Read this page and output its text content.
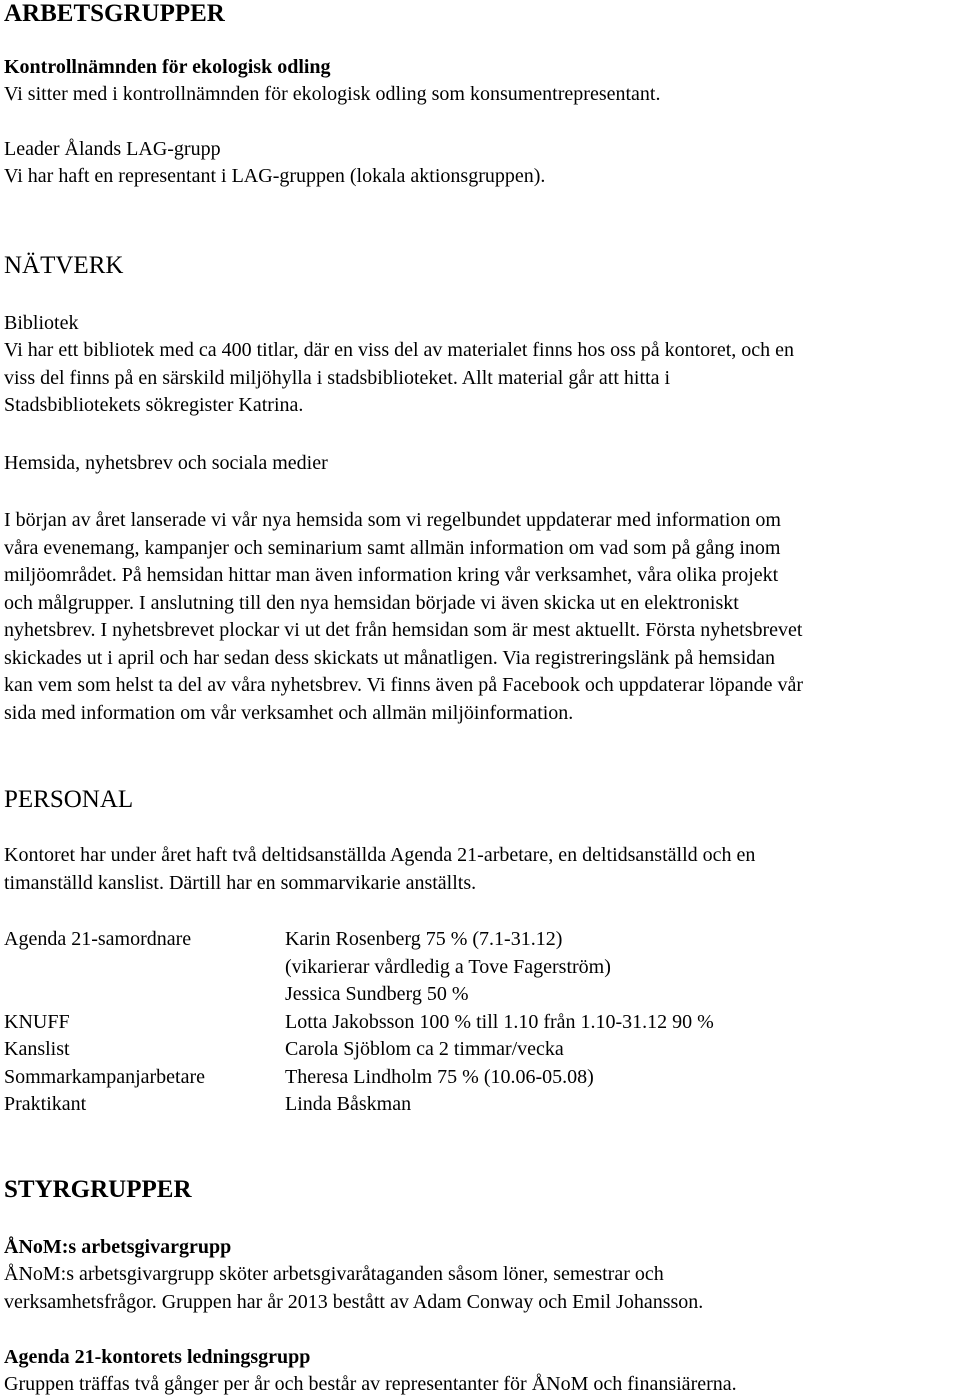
ARBETSGRUPPER
Kontrollnämnden för ekologisk odling

Vi sitter med i kontrollnämnden för ekologisk odling som konsumentrepresentant.

Leader Ålands LAG-grupp

Vi har haft en representant i LAG-gruppen (lokala aktionsgruppen).

NÄTVERK
Bibliotek

Vi har ett bibliotek med ca 400 titlar, där en viss del av materialet finns hos oss på kontoret, och en

viss del finns på en särskild miljöhylla i stadsbiblioteket. Allt material går att hitta i

Stadsbibliotekets sökregister Katrina.

Hemsida, nyhetsbrev och sociala medier

I början av året lanserade vi vår nya hemsida som vi regelbundet uppdaterar med information om

våra evenemang, kampanjer och seminarium samt allmän information om vad som på gång inom

miljöområdet. På hemsidan hittar man även information kring vår verksamhet, våra olika projekt

och målgrupper. I anslutning till den nya hemsidan började vi även skicka ut en elektroniskt

nyhetsbrev. I nyhetsbrevet plockar vi ut det från hemsidan som är mest aktuellt. Första nyhetsbrevet

skickades ut i april och har sedan dess skickats ut månatligen. Via registreringslänk på hemsidan

kan vem som helst ta del av våra nyhetsbrev. Vi finns även på Facebook och uppdaterar löpande vår

sida med information om vår verksamhet och allmän miljöinformation.

PERSONAL

Kontoret har under året haft två deltidsanställda Agenda 21-arbetare, en deltidsanställd och en

timanställd kanslist. Därtill har en sommarvikarie anställts.

Agenda 21-samordnare	Karin Rosenberg 75 % (7.1-31.12)
(vikarierar vårdledig a Tove Fagerström)
Jessica Sundberg 50 %
KNUFF	Lotta Jakobsson 100 % till 1.10 från 1.10-31.12 90 %
Kanslist	Carola Sjöblom ca 2 timmar/vecka
Sommarkampanjarbetare	Theresa Lindholm 75 % (10.06-05.08)
Praktikant	Linda Båskman
STYRGRUPPER
ÅNoM:s arbetsgivargrupp

ÅNoM:s arbetsgivargrupp sköter arbetsgivaråtaganden såsom löner, semestrar och

verksamhetsfrågor. Gruppen har år 2013 bestått av Adam Conway och Emil Johansson.

Agenda 21-kontorets ledningsgrupp

Gruppen träffas två gånger per år och består av representanter för ÅNoM och finansiärerna.
